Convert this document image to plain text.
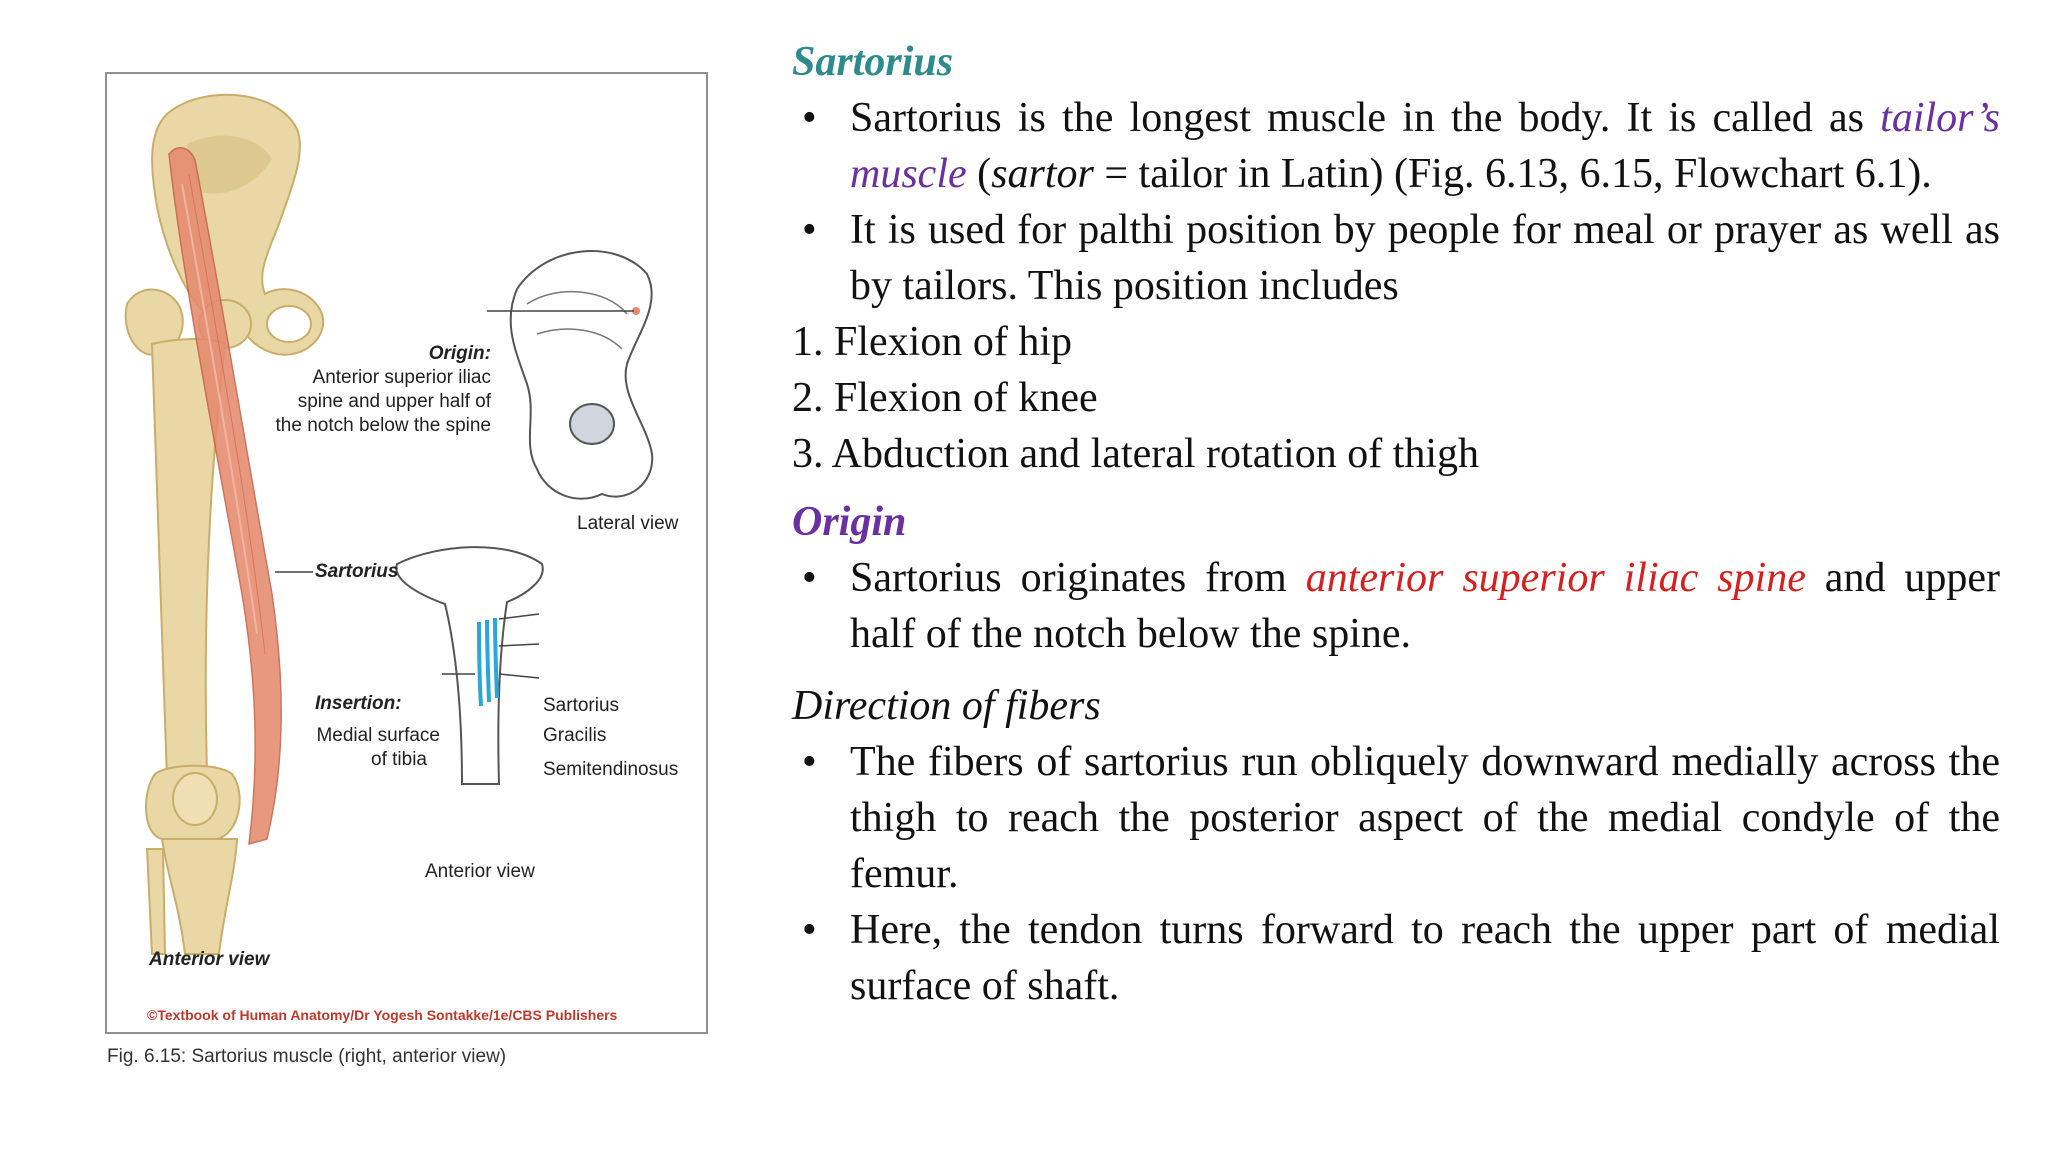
Origin:
Anterior superior iliac
spine and upper half of
the notch below the spine
Lateral view
Sartorius
Insertion:
Medial surface
of tibia
Sartorius
Gracilis
Semitendinosus
Anterior view
Anterior view
©Textbook of Human Anatomy/Dr Yogesh Sontakke/1e/CBS Publishers
Fig. 6.15: Sartorius muscle (right, anterior view)

Sartorius

• Sartorius is the longest muscle in the body. It is called as tailor’s muscle (sartor = tailor in Latin) (Fig. 6.13, 6.15, Flowchart 6.1).
• It is used for palthi position by people for meal or prayer as well as by tailors. This position includes
1. Flexion of hip
2. Flexion of knee
3. Abduction and lateral rotation of thigh

Origin

• Sartorius originates from anterior superior iliac spine and upper half of the notch below the spine.

Direction of fibers

• The fibers of sartorius run obliquely downward medially across the thigh to reach the posterior aspect of the medial condyle of the femur.
• Here, the tendon turns forward to reach the upper part of medial surface of shaft.
